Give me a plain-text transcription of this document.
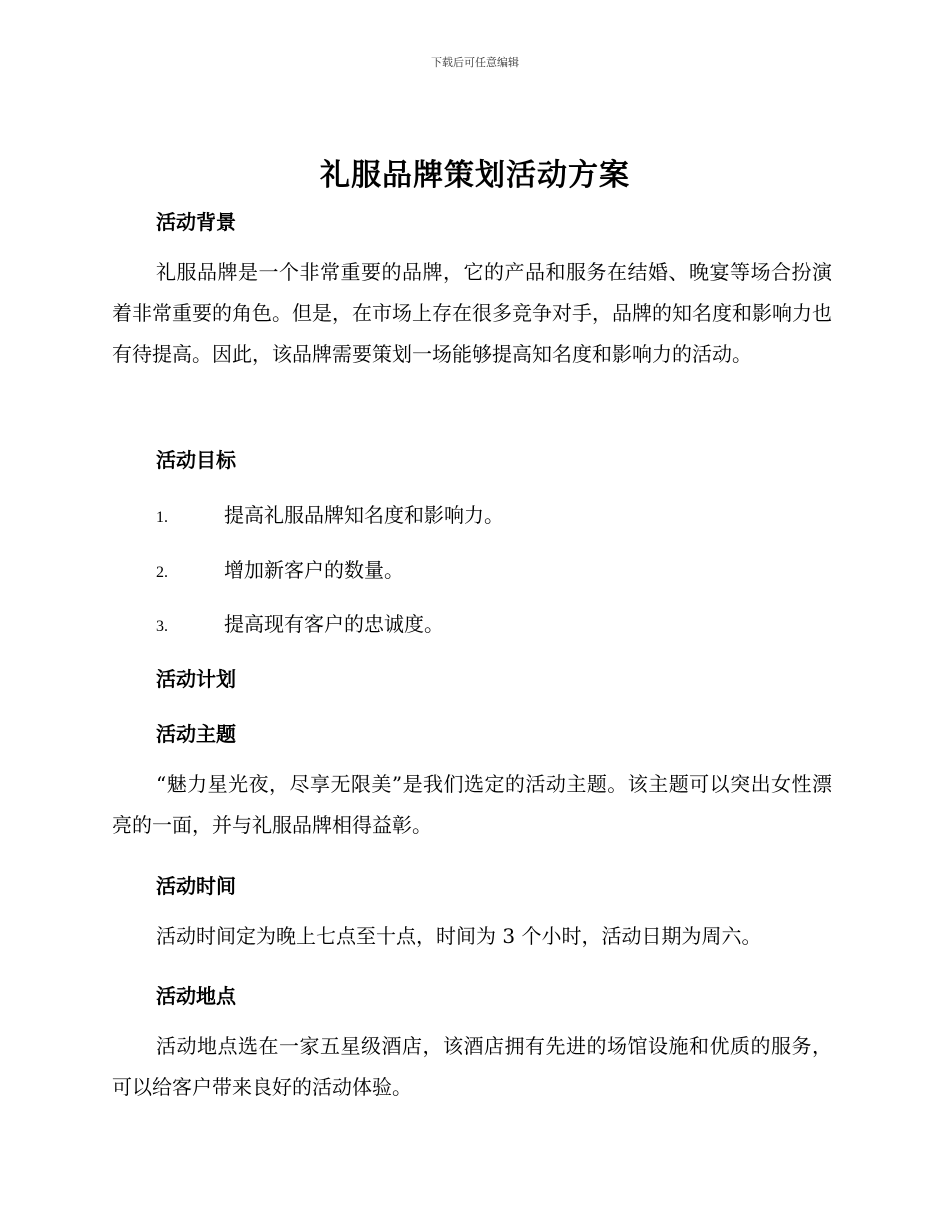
下载后可任意编辑
礼服品牌策划活动方案
活动背景
礼服品牌是一个非常重要的品牌，它的产品和服务在结婚、晚宴等场合扮演着非常重要的角色。但是，在市场上存在很多竞争对手，品牌的知名度和影响力也有待提高。因此，该品牌需要策划一场能够提高知名度和影响力的活动。
活动目标
1.	提高礼服品牌知名度和影响力。
2.	增加新客户的数量。
3.	提高现有客户的忠诚度。
活动计划
活动主题
“魅力星光夜，尽享无限美”是我们选定的活动主题。该主题可以突出女性漂亮的一面，并与礼服品牌相得益彰。
活动时间
活动时间定为晚上七点至十点，时间为 3 个小时，活动日期为周六。
活动地点
活动地点选在一家五星级酒店，该酒店拥有先进的场馆设施和优质的服务，可以给客户带来良好的活动体验。
